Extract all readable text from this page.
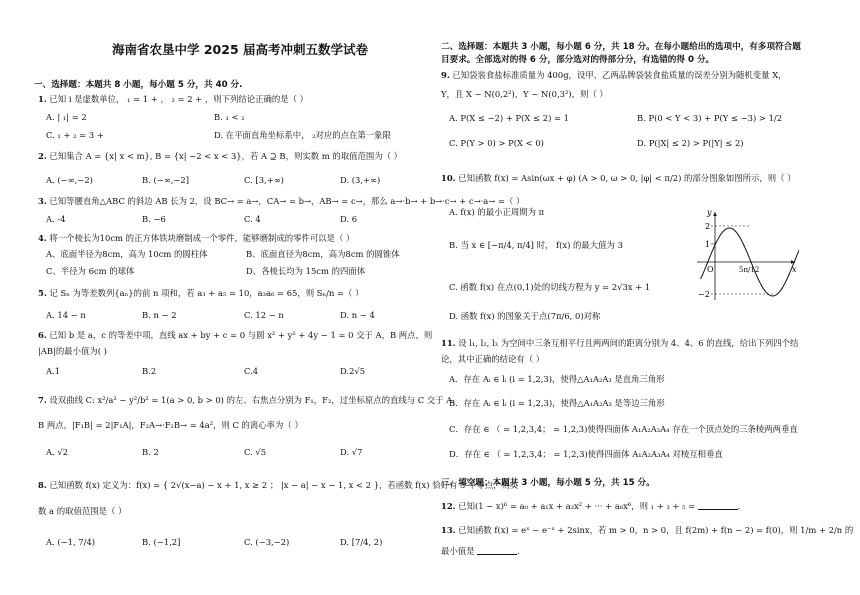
海南省农垦中学 2025 届高考冲刺五数学试卷
一、选择题：本题共 8 小题，每小题 5 分，共 40 分.
1. 已知 i 是虚数单位， ₁ = 1 + ， ₂ = 2 + ，则下列结论正确的是（ ）
A. | ₁| = 2	B. ₁ < ₂
C. ₁ + ₂ = 3 +	D. 在平面直角坐标系中， ₂对应的点在第一象限
2. 已知集合 A = {x| x < m}, B = {x| −2 < x < 3}，若 A ⊇ B，则实数 m 的取值范围为（ ）
A. (−∞,−2)	B. (−∞,−2]	C. [3,+∞)	D. (3,+∞)
3. 已知等腰直角△ABC 的斜边 AB 长为 2，设 BC→ = a→，CA→ = b→，AB→ = c→，那么 a→·b→ + b→·c→ + c→·a→ =（ ）
A. -4	B. −6	C. 4	D. 6
4. 将一个棱长为10cm 的正方体铁块磨制成一个零件，能够磨制成的零件可以是（ ）
A、底面半径为8cm，高为 10cm 的圆柱体	B、底面直径为8cm，高为8cm 的圆锥体
C、半径为 6cm 的球体	D、各棱长均为 15cm 的四面体
5. 记 Sₙ 为等差数列{aₙ}的前 n 项和，若 a₃ + a₅ = 10，a₃a₆ = 65，则 Sₙ/n =（ ）
A. 14 − n	B. n − 2	C. 12 − n	D. n − 4
6. 已知 b 是 a，c 的等差中项，直线 ax + by + c = 0 与圆 x² + y² + 4y − 1 = 0 交于 A，B 两点，则
|AB|的最小值为( )
A.1	B.2	C.4	D.2√5
7. 设双曲线 C: x²/a² − y²/b² = 1(a > 0, b > 0) 的左、右焦点分别为 F₁，F₂，过坐标原点的直线与 C 交于 A，
B 两点，|F₁B| = 2|F₁A|，F₂A→·F₂B→ = 4a²，则 C 的离心率为（ ）
A. √2	B. 2	C. √5	D. √7
8. 已知函数 f(x) 定义为：f(x) = { 2√(x−a) − x + 1, x ≥ 2 ； |x − a| − x − 1, x < 2 }，若函数 f(x) 恰好有 3 个零点，则实
数 a 的取值范围是（ ）
A. (−1, 7/4)	B. (−1,2]	C. (−3,−2)	D. [7/4, 2)
二、选择题：本题共 3 小题，每小题 6 分，共 18 分。在每小题给出的选项中，有多项符合题
目要求。全部选对的得 6 分，部分选对的得部分分，有选错的得 0 分。
9. 已知袋装食盐标准质量为 400g，设甲、乙两品牌袋装食盐质量的误差分别为随机变量 X，
Y，且 X ~ N(0,2²)，Y ~ N(0,3²)，则（ ）
A. P(X ≤ −2) + P(X ≤ 2) = 1	B. P(0 < Y < 3) + P(Y ≤ −3) > 1/2
C. P(Y > 0) > P(X < 0)	D. P(|X| ≤ 2) > P(|Y| ≤ 2)
10. 已知函数 f(x) = Asin(ωx + φ) (A > 0, ω > 0, |φ| < π/2) 的部分图象如图所示，则（ ）
A. f(x) 的最小正周期为 π
B. 当 x ∈ [−π/4, π/4] 时， f(x) 的最大值为 3
C. 函数 f(x) 在点(0,1)处的切线方程为 y = 2√3x + 1
D. 函数 f(x) 的图象关于点(7π/6, 0)对称
y
x
O
2
1
−2
5π/12
11. 设 l₁, l₂, l₃ 为空间中三条互相平行且两两间的距离分别为 4、4、6 的直线，给出下列四个结
论，其中正确的结论有（ ）
A．存在 Aᵢ ∈ lᵢ (i = 1,2,3)，使得△A₁A₂A₃ 是直角三角形
B．存在 Aᵢ ∈ lᵢ (i = 1,2,3)，使得△A₁A₂A₃ 是等边三角形
C．存在 ∈ （ = 1,2,3,4； = 1,2,3)使得四面体 A₁A₂A₃A₄ 存在一个顶点处的三条棱两两垂直
D．存在 ∈ （ = 1,2,3,4； = 1,2,3)使得四面体 A₁A₂A₃A₄ 对棱互相垂直
三、填空题：本题共 3 小题，每小题 5 分，共 15 分。
12. 已知(1 − x)⁶ = a₀ + a₁x + a₂x² + ··· + a₆x⁶，则 ₁ + ₃ + ₅ =	.
13. 已知函数 f(x) = eˣ − e⁻ˣ + 2sinx，若 m > 0，n > 0，且 f(2m) + f(n − 2) = f(0)，则 1/m + 2/n 的
最小值是	.
